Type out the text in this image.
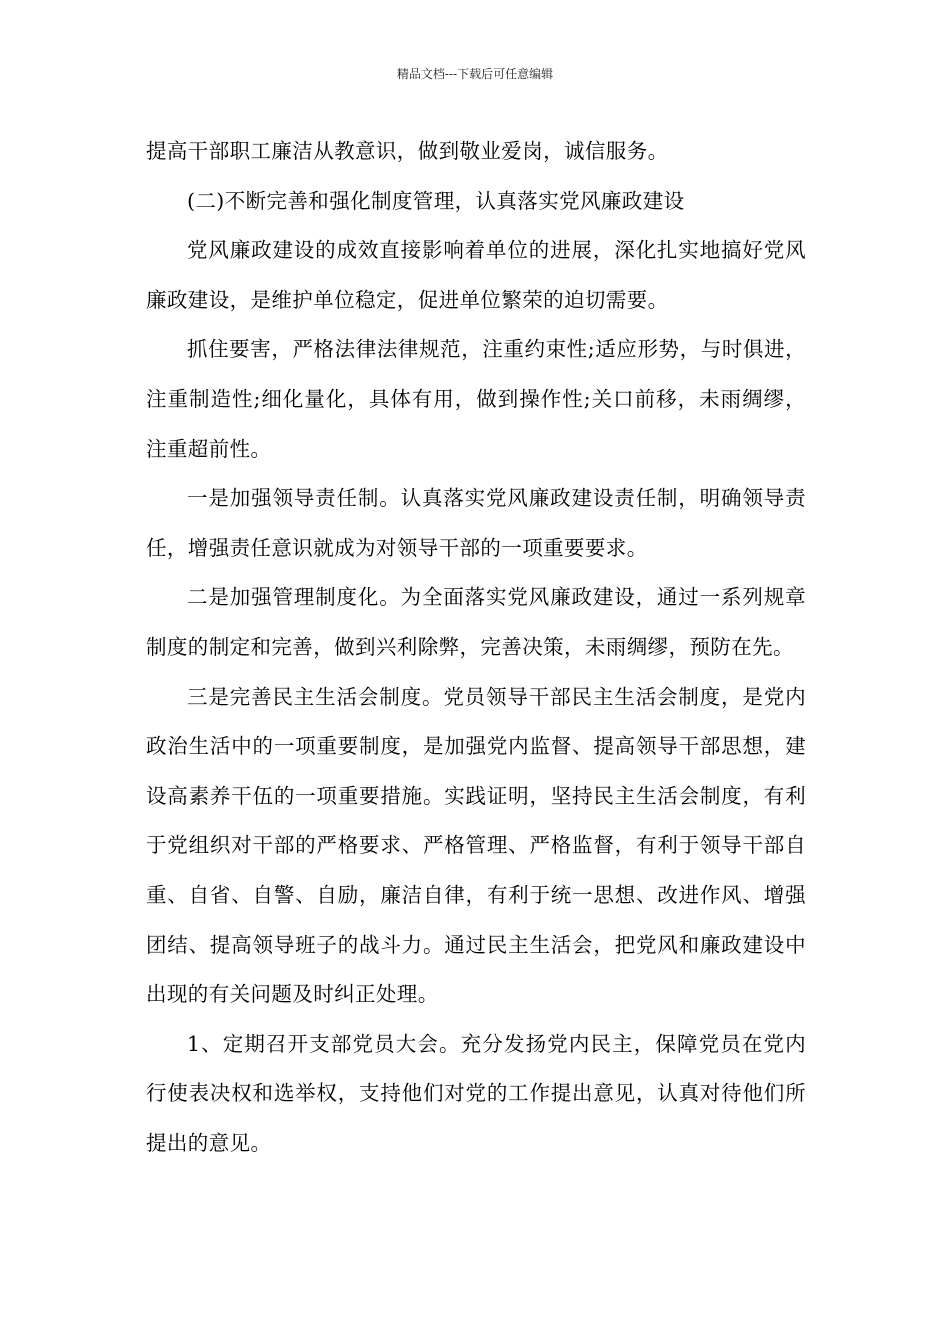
精品文档---下载后可任意编辑

提高干部职工廉洁从教意识，做到敬业爱岗，诚信服务。

(二)不断完善和强化制度管理，认真落实党风廉政建设

党风廉政建设的成效直接影响着单位的进展，深化扎实地搞好党风廉政建设，是维护单位稳定，促进单位繁荣的迫切需要。

抓住要害，严格法律法律规范，注重约束性;适应形势，与时俱进，注重制造性;细化量化，具体有用，做到操作性;关口前移，未雨绸缪，注重超前性。

一是加强领导责任制。认真落实党风廉政建设责任制，明确领导责任，增强责任意识就成为对领导干部的一项重要要求。

二是加强管理制度化。为全面落实党风廉政建设，通过一系列规章制度的制定和完善，做到兴利除弊，完善决策，未雨绸缪，预防在先。

三是完善民主生活会制度。党员领导干部民主生活会制度，是党内政治生活中的一项重要制度，是加强党内监督、提高领导干部思想，建设高素养干伍的一项重要措施。实践证明，坚持民主生活会制度，有利于党组织对干部的严格要求、严格管理、严格监督，有利于领导干部自重、自省、自警、自励，廉洁自律，有利于统一思想、改进作风、增强团结、提高领导班子的战斗力。通过民主生活会，把党风和廉政建设中出现的有关问题及时纠正处理。

1、定期召开支部党员大会。充分发扬党内民主，保障党员在党内行使表决权和选举权，支持他们对党的工作提出意见，认真对待他们所提出的意见。
